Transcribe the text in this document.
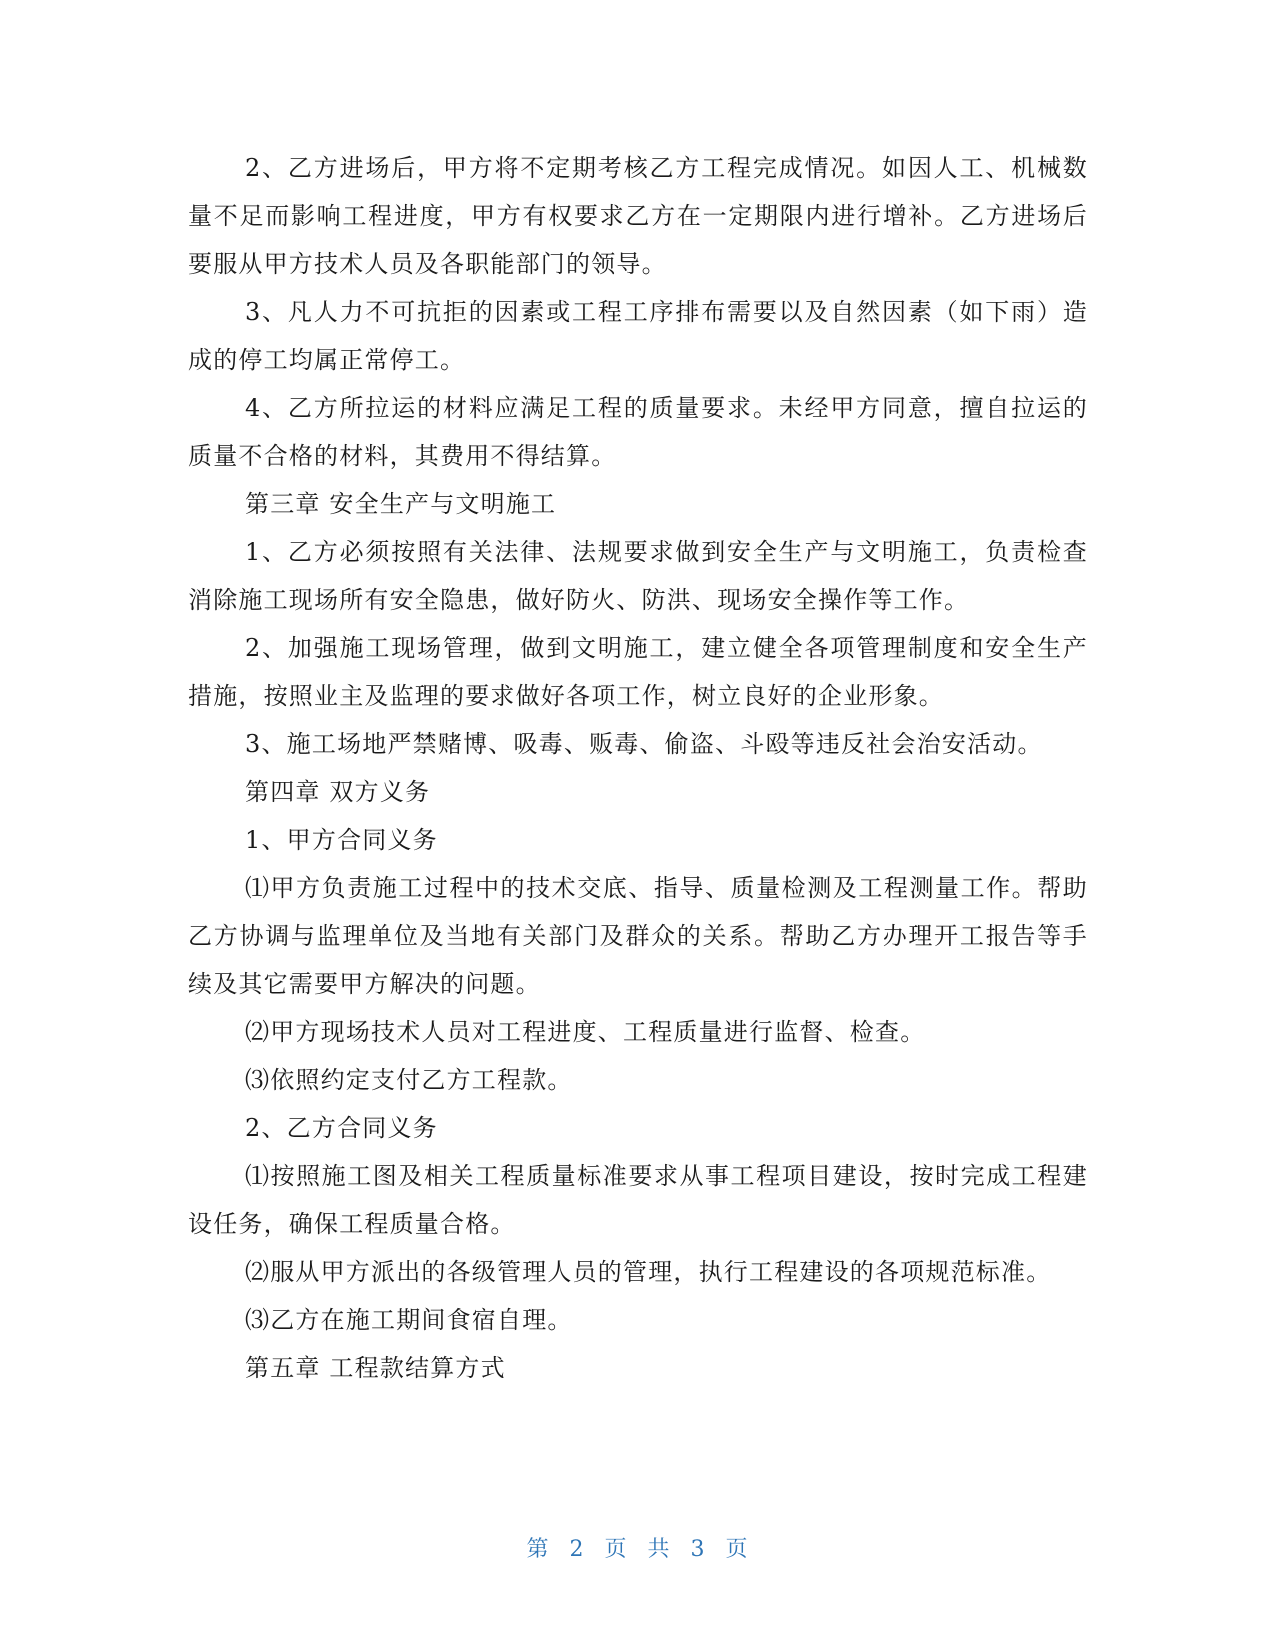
2、乙方进场后，甲方将不定期考核乙方工程完成情况。如因人工、机械数量不足而影响工程进度，甲方有权要求乙方在一定期限内进行增补。乙方进场后要服从甲方技术人员及各职能部门的领导。

3、凡人力不可抗拒的因素或工程工序排布需要以及自然因素（如下雨）造成的停工均属正常停工。

4、乙方所拉运的材料应满足工程的质量要求。未经甲方同意，擅自拉运的质量不合格的材料，其费用不得结算。

第三章 安全生产与文明施工

1、乙方必须按照有关法律、法规要求做到安全生产与文明施工，负责检查消除施工现场所有安全隐患，做好防火、防洪、现场安全操作等工作。

2、加强施工现场管理，做到文明施工，建立健全各项管理制度和安全生产措施，按照业主及监理的要求做好各项工作，树立良好的企业形象。

3、施工场地严禁赌博、吸毒、贩毒、偷盗、斗殴等违反社会治安活动。

第四章 双方义务

1、甲方合同义务

⑴甲方负责施工过程中的技术交底、指导、质量检测及工程测量工作。帮助乙方协调与监理单位及当地有关部门及群众的关系。帮助乙方办理开工报告等手续及其它需要甲方解决的问题。

⑵甲方现场技术人员对工程进度、工程质量进行监督、检查。

⑶依照约定支付乙方工程款。

2、乙方合同义务

⑴按照施工图及相关工程质量标准要求从事工程项目建设，按时完成工程建设任务，确保工程质量合格。

⑵服从甲方派出的各级管理人员的管理，执行工程建设的各项规范标准。

⑶乙方在施工期间食宿自理。

第五章 工程款结算方式

第 2 页 共 3 页
